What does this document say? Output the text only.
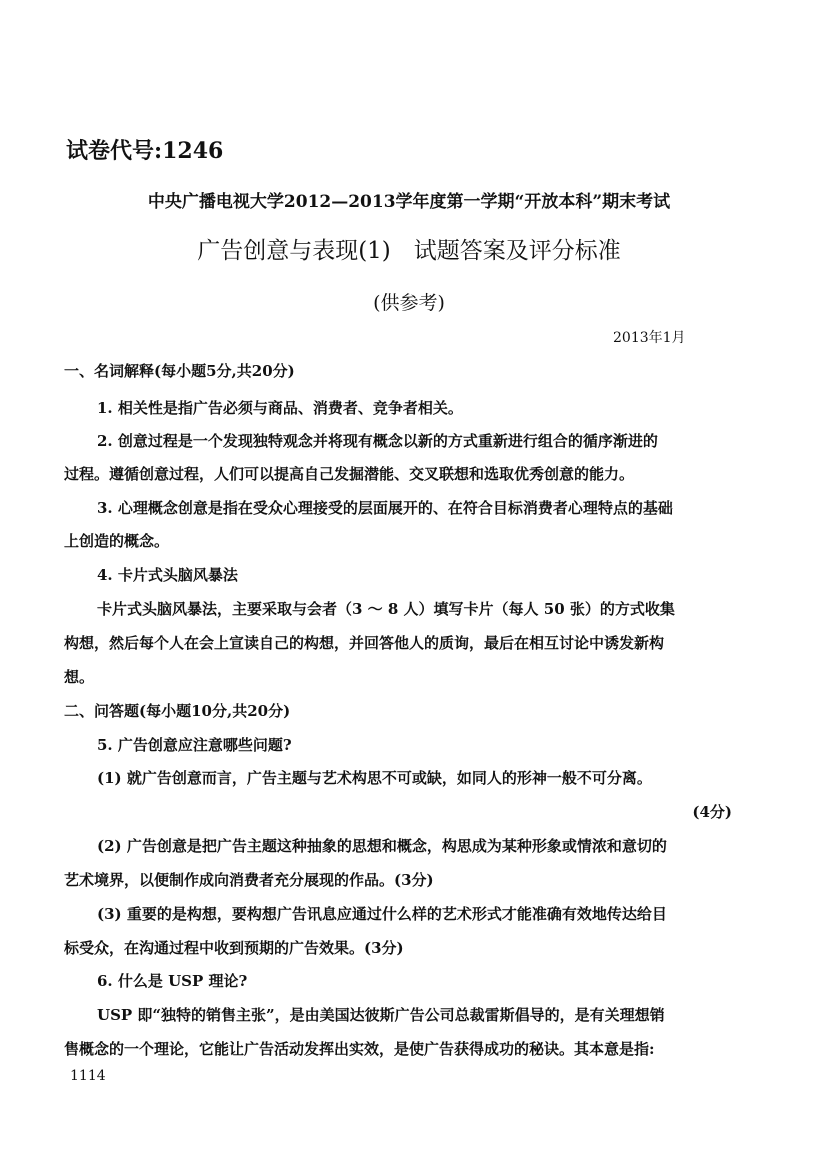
试卷代号:1246
中央广播电视大学2012—2013学年度第一学期“开放本科”期末考试
广告创意与表现(1)　试题答案及评分标准
(供参考)
2013年1月
一、名词解释(每小题5分,共20分)
1. 相关性是指广告必须与商品、消费者、竞争者相关。
2. 创意过程是一个发现独特观念并将现有概念以新的方式重新进行组合的循序渐进的
过程。遵循创意过程，人们可以提高自己发掘潜能、交叉联想和选取优秀创意的能力。
3. 心理概念创意是指在受众心理接受的层面展开的、在符合目标消费者心理特点的基础
上创造的概念。
4. 卡片式头脑风暴法
卡片式头脑风暴法，主要采取与会者（3 ～ 8 人）填写卡片（每人 50 张）的方式收集
构想，然后每个人在会上宣读自己的构想，并回答他人的质询，最后在相互讨论中诱发新构
想。
二、问答题(每小题10分,共20分)
5. 广告创意应注意哪些问题?
(1) 就广告创意而言，广告主题与艺术构思不可或缺，如同人的形神一般不可分离。
(4分)
(2) 广告创意是把广告主题这种抽象的思想和概念，构思成为某种形象或情浓和意切的
艺术境界，以便制作成向消费者充分展现的作品。(3分)
(3) 重要的是构想，要构想广告讯息应通过什么样的艺术形式才能准确有效地传达给目
标受众，在沟通过程中收到预期的广告效果。(3分)
6. 什么是 USP 理论?
USP 即“独特的销售主张”，是由美国达彼斯广告公司总裁雷斯倡导的，是有关理想销
售概念的一个理论，它能让广告活动发挥出实效，是使广告获得成功的秘诀。其本意是指:
1114
